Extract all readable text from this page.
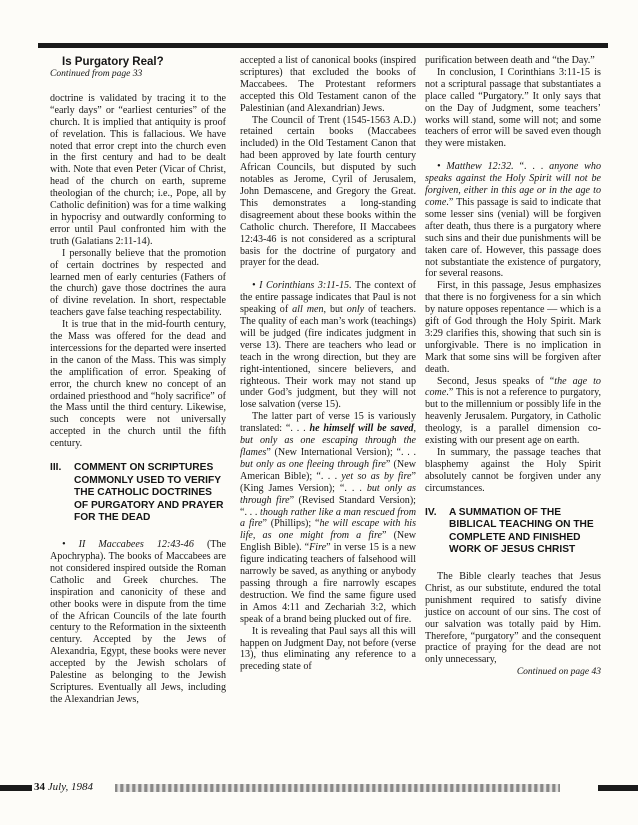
Is Purgatory Real?

Continued from page 33

doctrine is validated by tracing it to the “early days” or “earliest centuries” of the church. It is implied that antiquity is proof of revelation. This is fallacious. We have noted that error crept into the church even in the first century and had to be dealt with. Note that even Peter (Vicar of Christ, head of the church on earth, supreme theologian of the church; i.e., Pope, all by Catholic definition) was for a time walking in hypocrisy and outwardly conforming to error until Paul confronted him with the truth (Galatians 2:11-14).

I personally believe that the promotion of certain doctrines by respected and learned men of early centuries (Fathers of the church) gave those doctrines the aura of divine revelation. In short, respectable teachers gave false teaching respectability.

It is true that in the mid-fourth century, the Mass was offered for the dead and intercessions for the departed were inserted in the canon of the Mass. This was simply the amplification of error. Speaking of error, the church knew no concept of an ordained priesthood and “holy sacrifice” of the Mass until the third century. Likewise, such concepts were not universally accepted in the church until the fifth century.

III.	COMMENT ON SCRIPTURES COMMONLY USED TO VERIFY THE CATHOLIC DOCTRINES OF PURGATORY AND PRAYER FOR THE DEAD

• II Maccabees 12:43-46 (The Apochrypha). The books of Maccabees are not considered inspired outside the Roman Catholic and Greek churches. The inspiration and canonicity of these and other books were in dispute from the time of the African Councils of the late fourth century to the Reformation in the sixteenth century. Accepted by the Jews of Alexandria, Egypt, these books were never accepted by the Jewish scholars of Palestine as belonging to the Jewish Scriptures. Eventually all Jews, including the Alexandrian Jews,

accepted a list of canonical books (inspired scriptures) that excluded the books of Maccabees. The Protestant reformers accepted this Old Testament canon of the Palestinian (and Alexandrian) Jews.

The Council of Trent (1545-1563 A.D.) retained certain books (Maccabees included) in the Old Testament Canon that had been approved by late fourth century African Councils, but disputed by such notables as Jerome, Cyril of Jerusalem, John Demascene, and Gregory the Great. This demonstrates a long-standing disagreement about these books within the Catholic church. Therefore, II Maccabees 12:43-46 is not considered as a scriptural basis for the doctrine of purgatory and prayer for the dead.

• I Corinthians 3:11-15. The context of the entire passage indicates that Paul is not speaking of all men, but only of teachers. The quality of each man’s work (teachings) will be judged (fire indicates judgment in verse 13). There are teachers who lead or teach in the wrong direction, but they are right-intentioned, sincere believers, and righteous. Their work may not stand up under God’s judgment, but they will not lose salvation (verse 15).

The latter part of verse 15 is variously translated: “. . . he himself will be saved, but only as one escaping through the flames” (New International Version); “. . . but only as one fleeing through fire” (New American Bible); “. . . yet so as by fire” (King James Version); “. . . but only as through fire” (Revised Standard Version); “. . . though rather like a man rescued from a fire” (Phillips); “he will escape with his life, as one might from a fire” (New English Bible). “Fire” in verse 15 is a new figure indicating teachers of falsehood will narrowly be saved, as anything or anybody passing through a fire narrowly escapes destruction. We find the same figure used in Amos 4:11 and Zechariah 3:2, which speak of a brand being plucked out of fire.

It is revealing that Paul says all this will happen on Judgment Day, not before (verse 13), thus eliminating any reference to a preceding state of

purification between death and “the Day.”

In conclusion, I Corinthians 3:11-15 is not a scriptural passage that substantiates a place called “Purgatory.” It only says that on the Day of Judgment, some teachers’ works will stand, some will not; and some teachers of error will be saved even though they were mistaken.

• Matthew 12:32. “. . . anyone who speaks against the Holy Spirit will not be forgiven, either in this age or in the age to come.” This passage is said to indicate that some lesser sins (venial) will be forgiven after death, thus there is a purgatory where such sins and their due punishments will be taken care of. However, this passage does not substantiate the existence of purgatory, for several reasons.

First, in this passage, Jesus emphasizes that there is no forgiveness for a sin which by nature opposes repentance — which is a gift of God through the Holy Spirit. Mark 3:29 clarifies this, showing that such sin is unforgivable. There is no implication in Mark that some sins will be forgiven after death.

Second, Jesus speaks of “the age to come.” This is not a reference to purgatory, but to the millennium or possibly life in the heavenly Jerusalem. Purgatory, in Catholic theology, is a parallel dimension co-existing with our present age on earth.

In summary, the passage teaches that blasphemy against the Holy Spirit absolutely cannot be forgiven under any circumstances.

IV.	A SUMMATION OF THE BIBLICAL TEACHING ON THE COMPLETE AND FINISHED WORK OF JESUS CHRIST

The Bible clearly teaches that Jesus Christ, as our substitute, endured the total punishment required to satisfy divine justice on account of our sins. The cost of our salvation was totally paid by Him. Therefore, “purgatory” and the consequent practice of praying for the dead are not only unnecessary,

Continued on page 43
34 July, 1984
